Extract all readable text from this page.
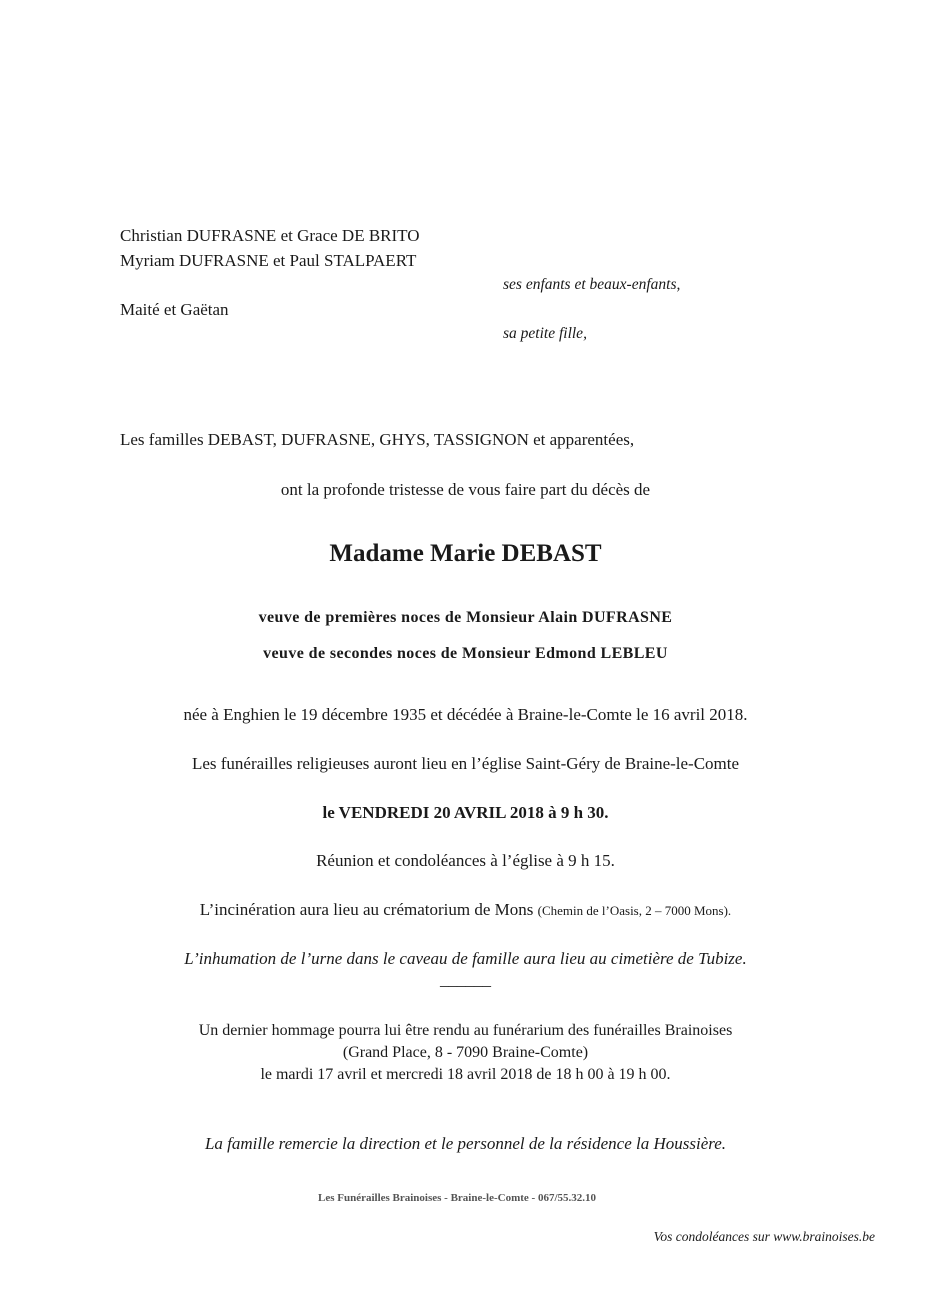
Christian DUFRASNE et Grace DE BRITO
Myriam DUFRASNE et Paul STALPAERT
ses enfants et beaux-enfants,
Maité et Gaëtan
sa petite fille,
Les familles DEBAST, DUFRASNE, GHYS, TASSIGNON et apparentées,
ont la profonde tristesse de vous faire part du décès de
Madame Marie DEBAST
veuve de premières noces de Monsieur Alain DUFRASNE
veuve de secondes noces de Monsieur Edmond LEBLEU
née à Enghien le 19 décembre 1935 et décédée à Braine-le-Comte le 16 avril 2018.
Les funérailles religieuses auront lieu en l’église Saint-Géry de Braine-le-Comte
le VENDREDI 20 AVRIL 2018 à 9 h 30.
Réunion et condoléances à l’église à 9 h 15.
L’incinération aura lieu au crématorium de Mons (Chemin de l’Oasis, 2 – 7000 Mons).
L’inhumation de l’urne dans le caveau de famille aura lieu au cimetière de Tubize.
______
Un dernier hommage pourra lui être rendu au funérarium des funérailles Brainoises
(Grand Place, 8 - 7090 Braine-Comte)
le mardi 17 avril et mercredi 18 avril 2018 de 18 h 00 à 19 h 00.
La famille remercie la direction et le personnel de la résidence la Houssière.
Les Funérailles Brainoises - Braine-le-Comte - 067/55.32.10
Vos condoléances sur www.brainoises.be
